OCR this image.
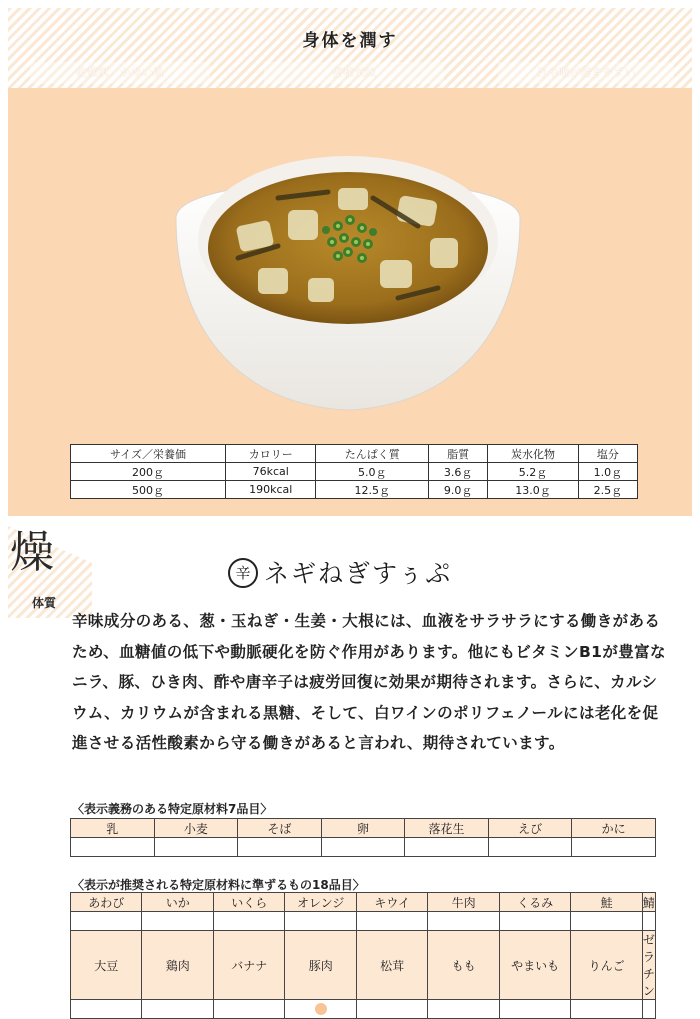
身体を潤す
乾燥肌・かゆい肌	便秘気味	目や喉が渇きやすい
サイズ／栄養価	カロリー	たんぱく質	脂質	炭水化物	塩分
200ｇ	76kcal	5.0ｇ	3.6ｇ	5.2ｇ	1.0ｇ
500ｇ	190kcal	12.5ｇ	9.0ｇ	13.0ｇ	2.5ｇ
燥
体質
辛 ネギねぎすぅぷ
辛味成分のある、葱・玉ねぎ・生姜・大根には、血液をサラサラにする働きがあるため、血糖値の低下や動脈硬化を防ぐ作用があります。他にもビタミンB1が豊富なニラ、豚、ひき肉、酢や唐辛子は疲労回復に効果が期待されます。さらに、カルシウム、カリウムが含まれる黒糖、そして、白ワインのポリフェノールには老化を促進させる活性酸素から守る働きがあると言われ、期待されています。
〈表示義務のある特定原材料7品目〉
乳	小麦	そば	卵	落花生	えび	かに

〈表示が推奨される特定原材料に準ずるもの18品目〉
あわび	いか	いくら	オレンジ	キウイ	牛肉	くるみ	鮭	鯖

大豆	鶏肉	バナナ	豚肉	松茸	もも	やまいも	りんご	ゼラチン
